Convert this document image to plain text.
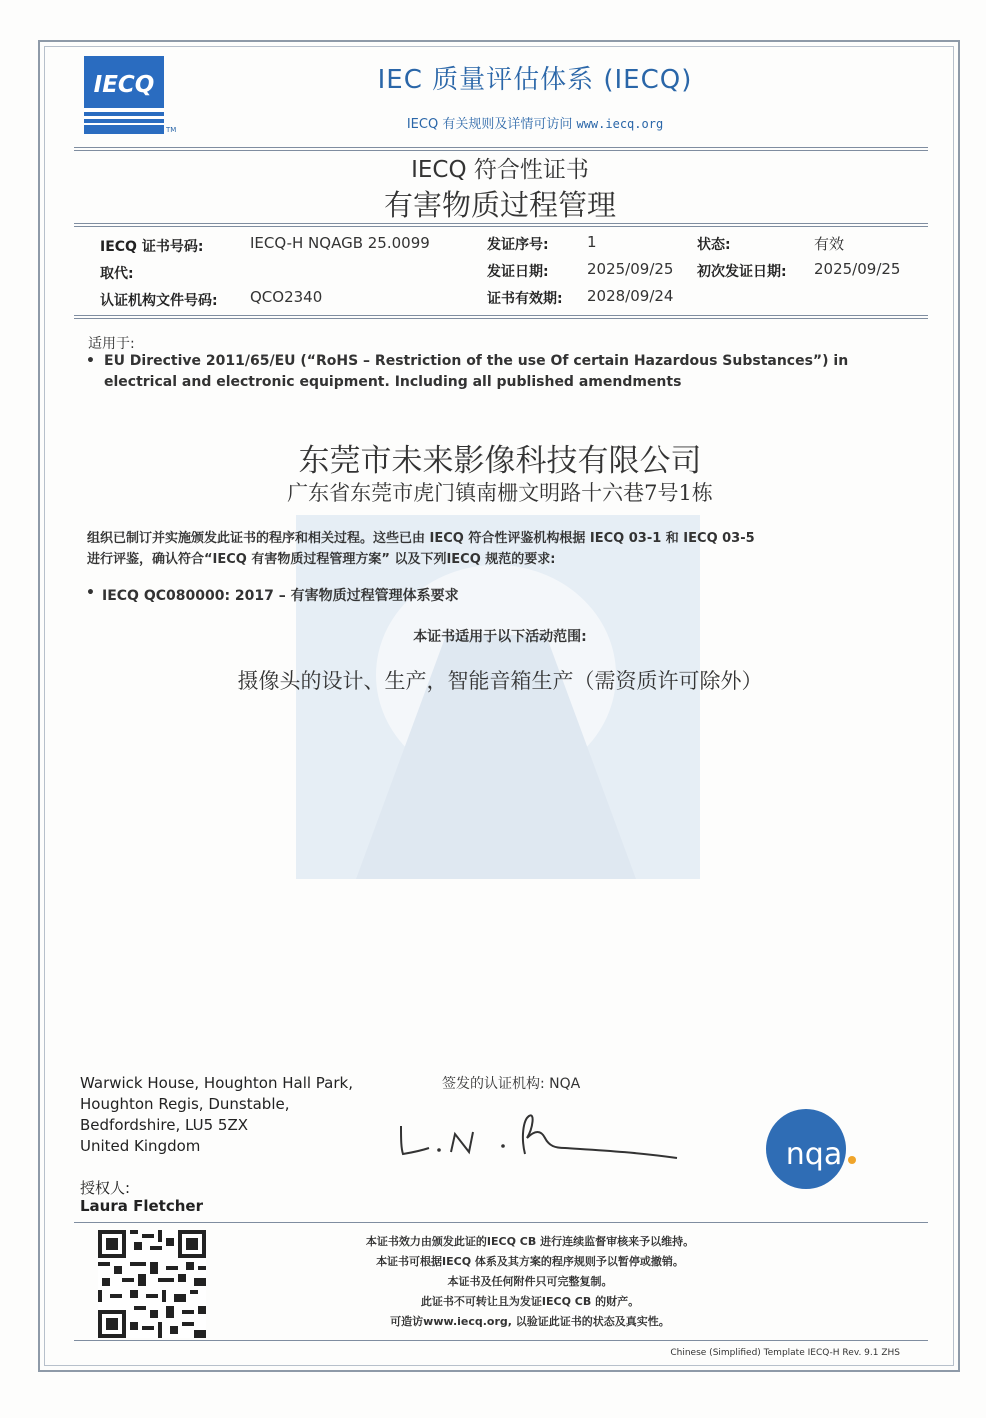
IECQ
TM
IEC 质量评估体系 (IECQ)
IECQ 有关规则及详情可访问 www.iecq.org
IECQ 符合性证书
有害物质过程管理
IECQ 证书号码:	IECQ-H NQAGB 25.0099
取代:
认证机构文件号码: QCO2340
发证序号:	1
发证日期:	2025/09/25
证书有效期: 2028/09/24
状态:	有效
初次发证日期: 2025/09/25
适用于:
• EU Directive 2011/65/EU (“RoHS – Restriction of the use Of certain Hazardous Substances”) in
electrical and electronic equipment. Including all published amendments
东莞市未来影像科技有限公司
广东省东莞市虎门镇南栅文明路十六巷7号1栋
组织已制订并实施颁发此证书的程序和相关过程。这些已由 IECQ 符合性评鉴机构根据 IECQ 03-1 和 IECQ 03-5
进行评鉴，确认符合“IECQ 有害物质过程管理方案” 以及下列IECQ 规范的要求:
• IECQ QC080000: 2017 – 有害物质过程管理体系要求
本证书适用于以下活动范围:
摄像头的设计、生产，智能音箱生产（需资质许可除外）
Warwick House, Houghton Hall Park,
Houghton Regis, Dunstable,
Bedfordshire, LU5 5ZX
United Kingdom
授权人:
Laura Fletcher
签发的认证机构: NQA
nqa
本证书效力由颁发此证的IECQ CB 进行连续监督审核来予以维持。
本证书可根据IECQ 体系及其方案的程序规则予以暂停或撤销。
本证书及任何附件只可完整复制。
此证书不可转让且为发证IECQ CB 的财产。
可造访www.iecq.org, 以验证此证书的状态及真实性。
Chinese (Simplified) Template IECQ-H Rev. 9.1 ZHS
